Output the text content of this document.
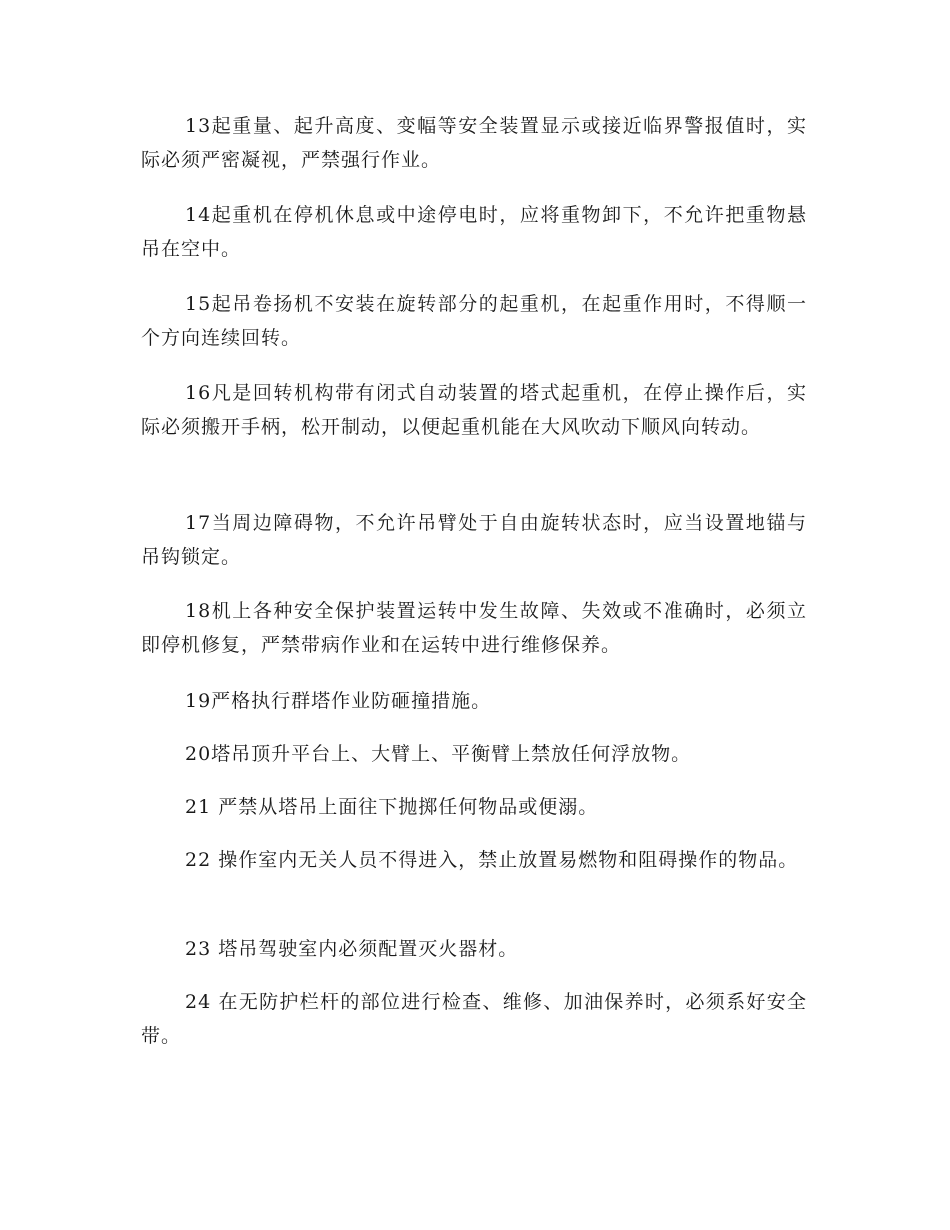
13起重量、起升高度、变幅等安全装置显示或接近临界警报值时，实际必须严密凝视，严禁强行作业。

14起重机在停机休息或中途停电时，应将重物卸下，不允许把重物悬吊在空中。

15起吊卷扬机不安装在旋转部分的起重机，在起重作用时，不得顺一个方向连续回转。

16凡是回转机构带有闭式自动装置的塔式起重机，在停止操作后，实际必须搬开手柄，松开制动，以便起重机能在大风吹动下顺风向转动。

17当周边障碍物，不允许吊臂处于自由旋转状态时，应当设置地锚与吊钩锁定。

18机上各种安全保护装置运转中发生故障、失效或不准确时，必须立即停机修复，严禁带病作业和在运转中进行维修保养。

19严格执行群塔作业防砸撞措施。

20塔吊顶升平台上、大臂上、平衡臂上禁放任何浮放物。

21 严禁从塔吊上面往下抛掷任何物品或便溺。

22 操作室内无关人员不得进入，禁止放置易燃物和阻碍操作的物品。

23 塔吊驾驶室内必须配置灭火器材。

24 在无防护栏杆的部位进行检查、维修、加油保养时，必须系好安全带。
